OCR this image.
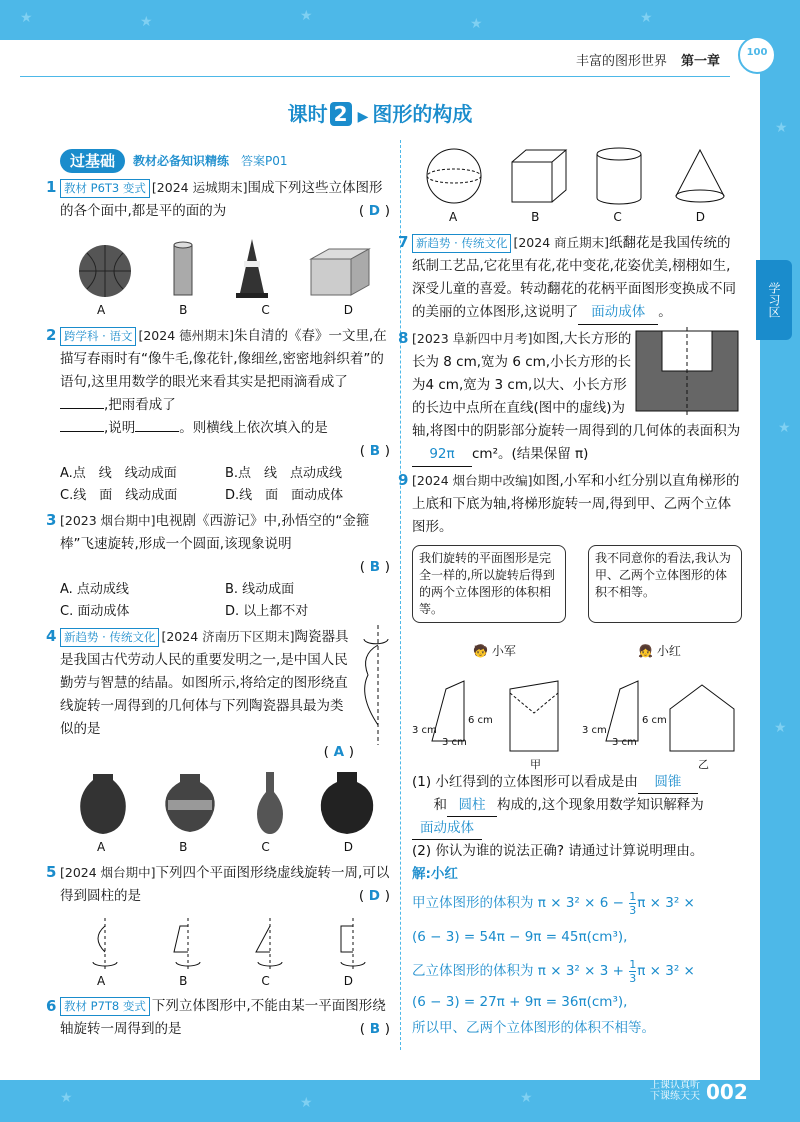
★	★	★	★	★
★
★
★
★	★	★
丰富的图形世界 第一章
100
学习区
课时 2 ▶ 图形的构成
过基础	教材必备知识精练 答案P01
1 教材 P6T3 变式 [2024 运城期末]围成下列这些立体图形的各个面中,都是平的面的为	( D )
A	B	C	D
2 跨学科 · 语文 [2024 德州期末]朱自清的《春》一文里,在描写春雨时有“像牛毛,像花针,像细丝,密密地斜织着”的语句,这里用数学的眼光来看其实是把雨滴看成了,把雨看成了
,说明	。则横线上依次填入的是
( B )
A.点　线　线动成面	B.点　线　点动成线
C.线　面　线动成面	D.线　面　面动成体
3 [2023 烟台期中]电视剧《西游记》中,孙悟空的“金箍棒”飞速旋转,形成一个圆面,该现象说明
( B )
A. 点动成线	B. 线动成面
C. 面动成体	D. 以上都不对
4 新趋势 · 传统文化 [2024 济南历下区期末]陶瓷器具是我国古代劳动人民的重要发明之一,是中国人民勤劳与智慧的结晶。如图所示,将给定的图形绕直线旋转一周得到的几何体与下列陶瓷器具最为类似的是
( A )
A	B	C	D
5 [2024 烟台期中]下列四个平面图形绕虚线旋转一周,可以得到圆柱的是	( D )
A	B	C	D
6 教材 P7T8 变式 下列立体图形中,不能由某一平面图形绕轴旋转一周得到的是	( B )
A	B	C	D
7 新趋势 · 传统文化 [2024 商丘期末]纸翻花是我国传统的纸制工艺品,它花里有花,花中变花,花姿优美,栩栩如生,深受儿童的喜爱。转动翻花的花柄平面图形变换成不同的美丽的立体图形,这说明了 面动成体 。
8 [2023 阜新四中月考]如图,大长方形的长为 8 cm,宽为 6 cm,小长方形的长为4 cm,宽为 3 cm,以大、小长方形的长边中点所在直线(图中的虚线)为轴,将图中的阴影部分旋转一周得到的几何体的表面积为92π cm²。(结果保留 π)
9 [2024 烟台期中改编]如图,小军和小红分别以直角梯形的上底和下底为轴,将梯形旋转一周,得到甲、乙两个立体图形。
我们旋转的平面图形是完全一样的,所以旋转后得到的两个立体图形的体积相等。
我不同意你的看法,我认为甲、乙两个立体图形的体积不相等。
🧒 小军	👧 小红
3 cm
3 cm
6 cm
甲
3 cm
3 cm
6 cm
乙
(1) 小红得到的立体图形可以看成是由 圆锥
和 圆柱 构成的,这个现象用数学知识解释为面动成体
(2) 你认为谁的说法正确? 请通过计算说明理由。
解:小红
甲立体图形的体积为 $\pi \times 3^2 \times 6 - \frac{1}{3}$ π × 3² ×
(6 − 3) = 54π − 9π = 45π(cm³),
乙立体图形的体积为 $\pi \times 3^2 \times 3 + \frac{1}{3}$ π × 3² ×
(6 − 3) = 27π + 9π = 36π(cm³),
所以甲、乙两个立体图形的体积不相等。
上课认真听
下课练天天 002
